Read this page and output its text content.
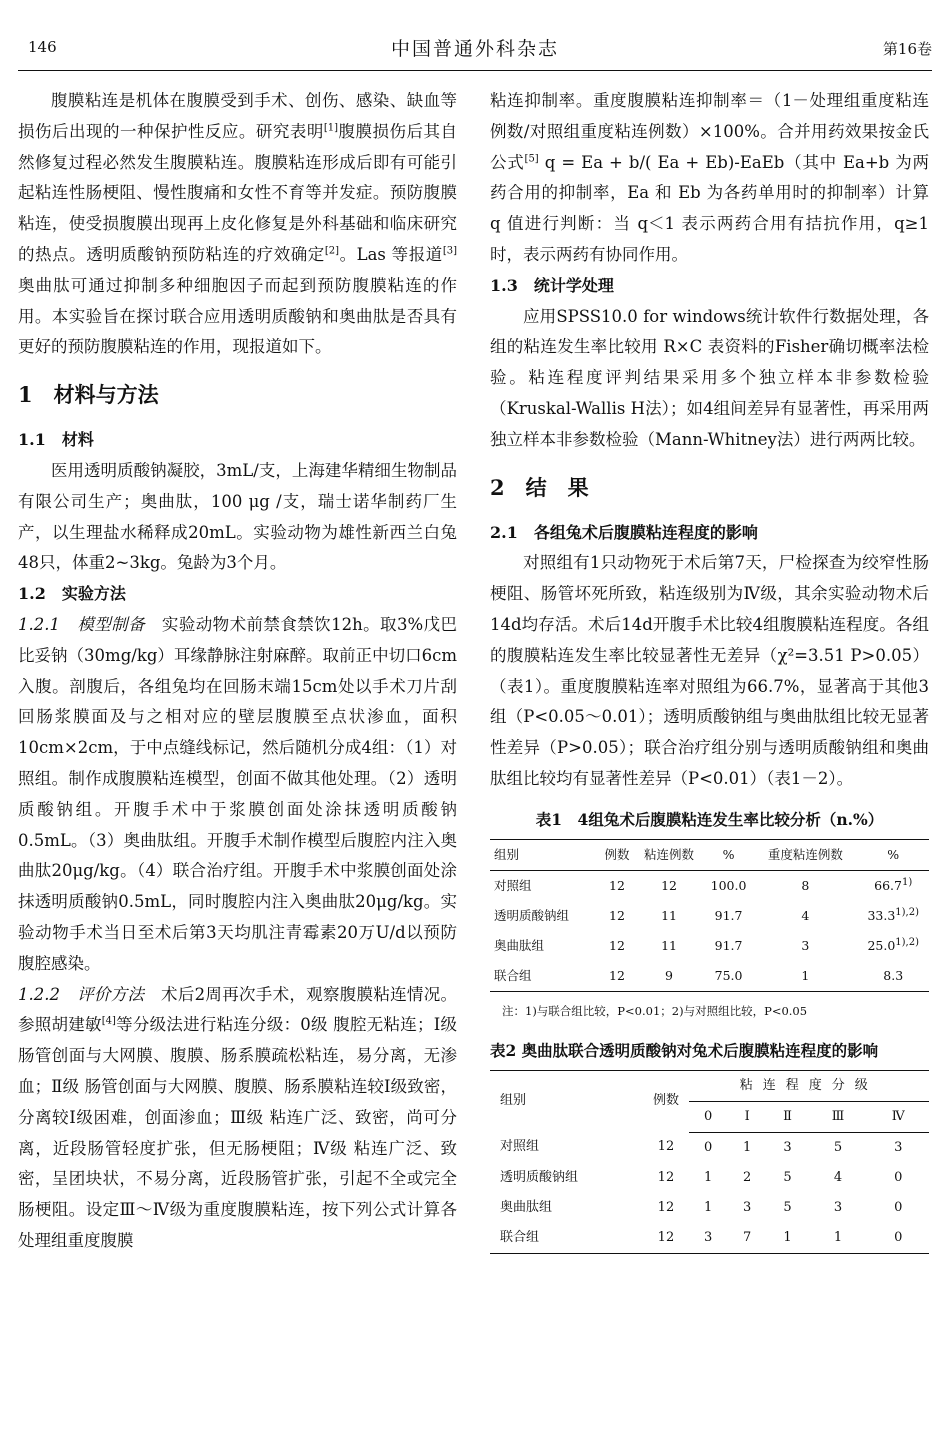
146	中国普通外科杂志	第16卷

腹膜粘连是机体在腹膜受到手术、创伤、感染、缺血等损伤后出现的一种保护性反应。研究表明[1]腹膜损伤后其自然修复过程必然发生腹膜粘连。腹膜粘连形成后即有可能引起粘连性肠梗阻、慢性腹痛和女性不育等并发症。预防腹膜粘连，使受损腹膜出现再上皮化修复是外科基础和临床研究的热点。透明质酸钠预防粘连的疗效确定[2]。Las 等报道[3]奥曲肽可通过抑制多种细胞因子而起到预防腹膜粘连的作用。本实验旨在探讨联合应用透明质酸钠和奥曲肽是否具有更好的预防腹膜粘连的作用，现报道如下。

1　材料与方法
1.1　材料

医用透明质酸钠凝胶，3mL/支，上海建华精细生物制品有限公司生产；奥曲肽，100 μg /支，瑞士诺华制药厂生产，以生理盐水稀释成20mL。实验动物为雄性新西兰白兔48只，体重2~3kg。兔龄为3个月。

1.2　实验方法

1.2.1　模型制备　实验动物术前禁食禁饮12h。取3%戊巴比妥钠（30mg/kg）耳缘静脉注射麻醉。取前正中切口6cm入腹。剖腹后，各组兔均在回肠末端15cm处以手术刀片刮回肠浆膜面及与之相对应的壁层腹膜至点状渗血，面积10cm×2cm，于中点缝线标记，然后随机分成4组：（1）对照组。制作成腹膜粘连模型，创面不做其他处理。（2）透明质酸钠组。开腹手术中于浆膜创面处涂抹透明质酸钠0.5mL。（3）奥曲肽组。开腹手术制作模型后腹腔内注入奥曲肽20μg/kg。（4）联合治疗组。开腹手术中浆膜创面处涂抹透明质酸钠0.5mL，同时腹腔内注入奥曲肽20μg/kg。实验动物手术当日至术后第3天均肌注青霉素20万U/d以预防腹腔感染。

1.2.2　评价方法　术后2周再次手术，观察腹膜粘连情况。参照胡建敏[4]等分级法进行粘连分级：0级 腹腔无粘连；Ⅰ级 肠管创面与大网膜、腹膜、肠系膜疏松粘连，易分离，无渗血；Ⅱ级 肠管创面与大网膜、腹膜、肠系膜粘连较Ⅰ级致密，分离较Ⅰ级困难，创面渗血；Ⅲ级 粘连广泛、致密，尚可分离，近段肠管轻度扩张，但无肠梗阻；Ⅳ级 粘连广泛、致密，呈团块状，不易分离，近段肠管扩张，引起不全或完全肠梗阻。设定Ⅲ～Ⅳ级为重度腹膜粘连，按下列公式计算各处理组重度腹膜

粘连抑制率。重度腹膜粘连抑制率＝（1－处理组重度粘连例数/对照组重度粘连例数）×100%。合并用药效果按金氏公式[5] q = Ea + b/( Ea + Eb)-EaEb（其中 Ea+b 为两药合用的抑制率，Ea 和 Eb 为各药单用时的抑制率）计算 q 值进行判断：当 q＜1 表示两药合用有拮抗作用，q≥1 时，表示两药有协同作用。

1.3　统计学处理

应用SPSS10.0 for windows统计软件行数据处理，各组的粘连发生率比较用 R×C 表资料的Fisher确切概率法检验。粘连程度评判结果采用多个独立样本非参数检验（Kruskal-Wallis H法）；如4组间差异有显著性，再采用两独立样本非参数检验（Mann-Whitney法）进行两两比较。

2　结　果
2.1　各组兔术后腹膜粘连程度的影响

对照组有1只动物死于术后第7天，尸检探查为绞窄性肠梗阻、肠管坏死所致，粘连级别为Ⅳ级，其余实验动物术后14d均存活。术后14d开腹手术比较4组腹膜粘连程度。各组的腹膜粘连发生率比较显著性无差异（χ²=3.51 P>0.05）（表1）。重度腹膜粘连率对照组为66.7%，显著高于其他3组（P<0.05～0.01）；透明质酸钠组与奥曲肽组比较无显著性差异（P>0.05）；联合治疗组分别与透明质酸钠组和奥曲肽组比较均有显著性差异（P<0.01）（表1－2）。

表1　4组兔术后腹膜粘连发生率比较分析（n.%）
组别	例数	粘连例数	%	重度粘连例数	%
对照组	12	12	100.0	8	66.7$^{1)}$
透明质酸钠组	12	11	91.7	4	$33.3^{1),2)}$
奥曲肽组	12	11	91.7	3	$25.0^{1),2)}$
联合组	12	9	75.0	1	8.3
注：1)与联合组比较，P<0.01；2)与对照组比较，P<0.05
表2 奥曲肽联合透明质酸钠对兔术后腹膜粘连程度的影响
组别	例数	粘连程度分级				
		0	Ⅰ	Ⅱ	Ⅲ	Ⅳ
对照组	12	0	1	3	5	3
透明质酸钠组	12	1	2	5	4	0
奥曲肽组	12	1	3	5	3	0
联合组	12	3	7	1	1	0
